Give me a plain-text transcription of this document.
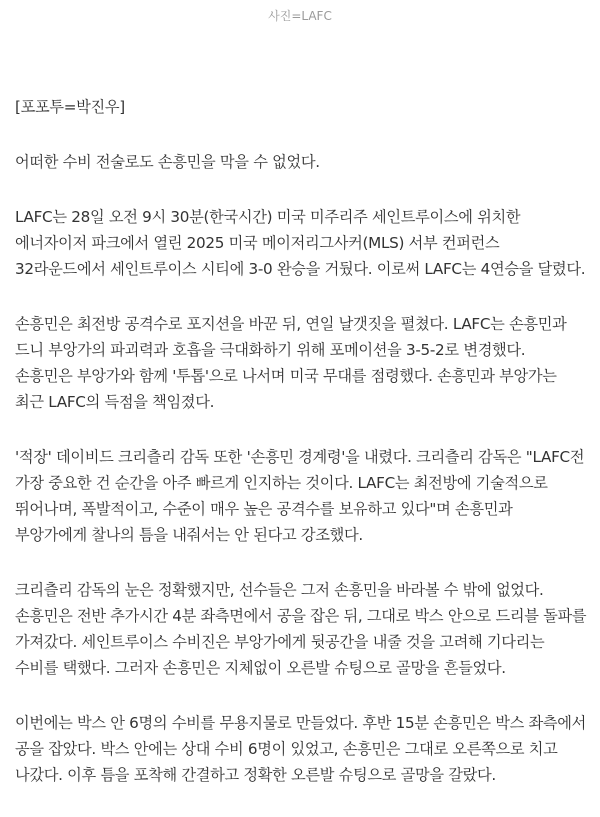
사진=LAFC

[포포투=박진우]

어떠한 수비 전술로도 손흥민을 막을 수 없었다.

LAFC는 28일 오전 9시 30분(한국시간) 미국 미주리주 세인트루이스에 위치한 에너자이저 파크에서 열린 2025 미국 메이저리그사커(MLS) 서부 컨퍼런스 32라운드에서 세인트루이스 시티에 3-0 완승을 거뒀다. 이로써 LAFC는 4연승을 달렸다.

손흥민은 최전방 공격수로 포지션을 바꾼 뒤, 연일 날갯짓을 펼쳤다. LAFC는 손흥민과 드니 부앙가의 파괴력과 호흡을 극대화하기 위해 포메이션을 3-5-2로 변경했다. 손흥민은 부앙가와 함께 '투톱'으로 나서며 미국 무대를 점령했다. 손흥민과 부앙가는 최근 LAFC의 득점을 책임졌다.

'적장' 데이비드 크리츨리 감독 또한 '손흥민 경계령'을 내렸다. 크리츨리 감독은 "LAFC전 가장 중요한 건 순간을 아주 빠르게 인지하는 것이다. LAFC는 최전방에 기술적으로 뛰어나며, 폭발적이고, 수준이 매우 높은 공격수를 보유하고 있다"며 손흥민과 부앙가에게 찰나의 틈을 내줘서는 안 된다고 강조했다.

크리츨리 감독의 눈은 정확했지만, 선수들은 그저 손흥민을 바라볼 수 밖에 없었다. 손흥민은 전반 추가시간 4분 좌측면에서 공을 잡은 뒤, 그대로 박스 안으로 드리블 돌파를 가져갔다. 세인트루이스 수비진은 부앙가에게 뒷공간을 내줄 것을 고려해 기다리는 수비를 택했다. 그러자 손흥민은 지체없이 오른발 슈팅으로 골망을 흔들었다.

이번에는 박스 안 6명의 수비를 무용지물로 만들었다. 후반 15분 손흥민은 박스 좌측에서 공을 잡았다. 박스 안에는 상대 수비 6명이 있었고, 손흥민은 그대로 오른쪽으로 치고 나갔다. 이후 틈을 포착해 간결하고 정확한 오른발 슈팅으로 골망을 갈랐다.
